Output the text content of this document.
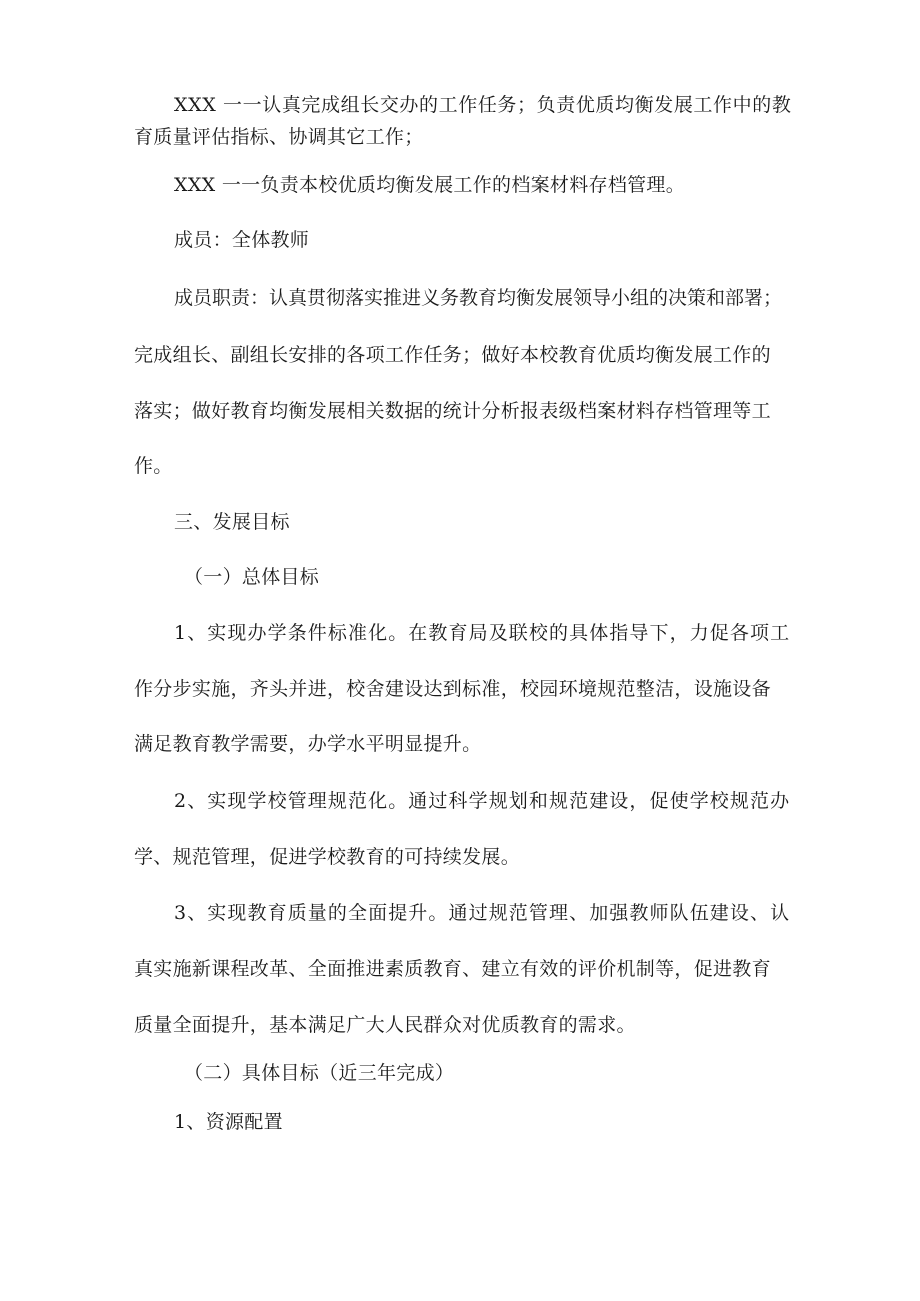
XXX 一一认真完成组长交办的工作任务；负责优质均衡发展工作中的教
育质量评估指标、协调其它工作；
XXX 一一负责本校优质均衡发展工作的档案材料存档管理。
成员：全体教师
成员职责：认真贯彻落实推进义务教育均衡发展领导小组的决策和部署；
完成组长、副组长安排的各项工作任务；做好本校教育优质均衡发展工作的
落实；做好教育均衡发展相关数据的统计分析报表级档案材料存档管理等工
作。
三、发展目标
（一）总体目标
1、实现办学条件标准化。在教育局及联校的具体指导下，力促各项工
作分步实施，齐头并进，校舍建设达到标准，校园环境规范整洁，设施设备
满足教育教学需要，办学水平明显提升。
2、实现学校管理规范化。通过科学规划和规范建设，促使学校规范办
学、规范管理，促进学校教育的可持续发展。
3、实现教育质量的全面提升。通过规范管理、加强教师队伍建设、认
真实施新课程改革、全面推进素质教育、建立有效的评价机制等，促进教育
质量全面提升，基本满足广大人民群众对优质教育的需求。
（二）具体目标（近三年完成）
1、资源配置
